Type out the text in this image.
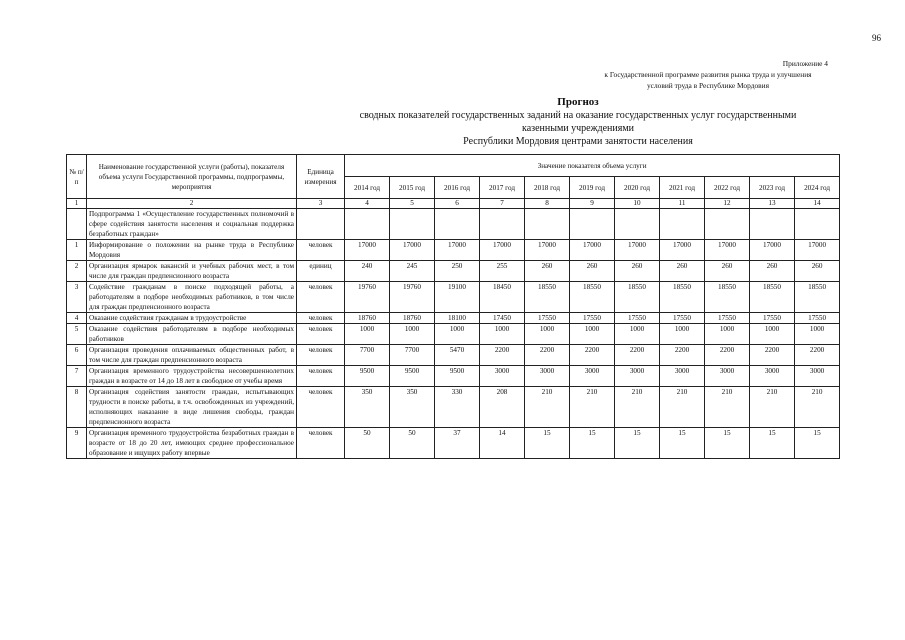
96
Приложение 4
к Государственной программе развития рынка труда и улучшения
условий труда в Республике Мордовия
Прогноз
сводных показателей государственных заданий на оказание государственных услуг государственными
казенными учреждениями
Республики Мордовия центрами занятости населения
№ п/п	Наименование государственной услуги (работы), показателя объема услуги Государственной программы, подпрограммы, мероприятия	Единица измерения	Значение показателя объема услуги										
			2014 год	2015 год	2016 год	2017 год	2018 год	2019 год	2020 год	2021 год	2022 год	2023 год	2024 год
1	2	3	4	5	6	7	8	9	10	11	12	13	14
	Подпрограмма 1 «Осуществление государственных полномочий в сфере содействия занятости населения и социальная поддержка безработных граждан»												
1	Информирование о положении на рынке труда в Республике Мордовия	человек	17000	17000	17000	17000	17000	17000	17000	17000	17000	17000	17000
2	Организация ярмарок вакансий и учебных рабочих мест, в том числе для граждан предпенсионного возраста	единиц	240	245	250	255	260	260	260	260	260	260	260
3	Содействие гражданам в поиске подходящей работы, а работодателям в подборе необходимых работников, в том числе для граждан предпенсионного возраста	человек	19760	19760	19100	18450	18550	18550	18550	18550	18550	18550	18550
4	Оказание содействия гражданам в трудоустройстве	человек	18760	18760	18100	17450	17550	17550	17550	17550	17550	17550	17550
5	Оказание содействия работодателям в подборе необходимых работников	человек	1000	1000	1000	1000	1000	1000	1000	1000	1000	1000	1000
6	Организация проведения оплачиваемых общественных работ, в том числе для граждан предпенсионного возраста	человек	7700	7700	5470	2200	2200	2200	2200	2200	2200	2200	2200
7	Организация временного трудоустройства несовершеннолетних граждан в возрасте от 14 до 18 лет в свободное от учебы время	человек	9500	9500	9500	3000	3000	3000	3000	3000	3000	3000	3000
8	Организация содействия занятости граждан, испытывающих трудности в поиске работы, в т.ч. освобожденных из учреждений, исполняющих наказание в виде лишения свободы, граждан предпенсионного возраста	человек	350	350	330	208	210	210	210	210	210	210	210
9	Организация временного трудоустройства безработных граждан в возрасте от 18 до 20 лет, имеющих среднее профессиональное образование и ищущих работу впервые	человек	50	50	37	14	15	15	15	15	15	15	15
